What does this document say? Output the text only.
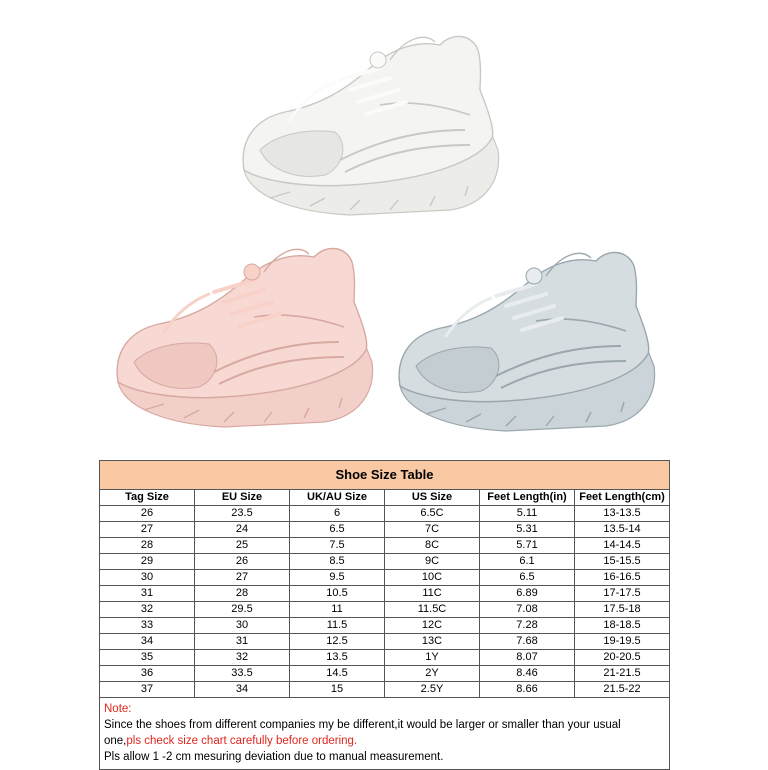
Shoe Size Table					
Tag Size	EU Size	UK/AU Size	US Size	Feet Length(in)	Feet Length(cm)
26	23.5	6	6.5C	5.11	13-13.5
27	24	6.5	7C	5.31	13.5-14
28	25	7.5	8C	5.71	14-14.5
29	26	8.5	9C	6.1	15-15.5
30	27	9.5	10C	6.5	16-16.5
31	28	10.5	11C	6.89	17-17.5
32	29.5	11	11.5C	7.08	17.5-18
33	30	11.5	12C	7.28	18-18.5
34	31	12.5	13C	7.68	19-19.5
35	32	13.5	1Y	8.07	20-20.5
36	33.5	14.5	2Y	8.46	21-21.5
37	34	15	2.5Y	8.66	21.5-22
Note:
Since the shoes from different companies my be different,it would be larger or smaller than your usual
one,pls check size chart carefully before ordering.
Pls allow 1 -2 cm mesuring deviation due to manual measurement.
